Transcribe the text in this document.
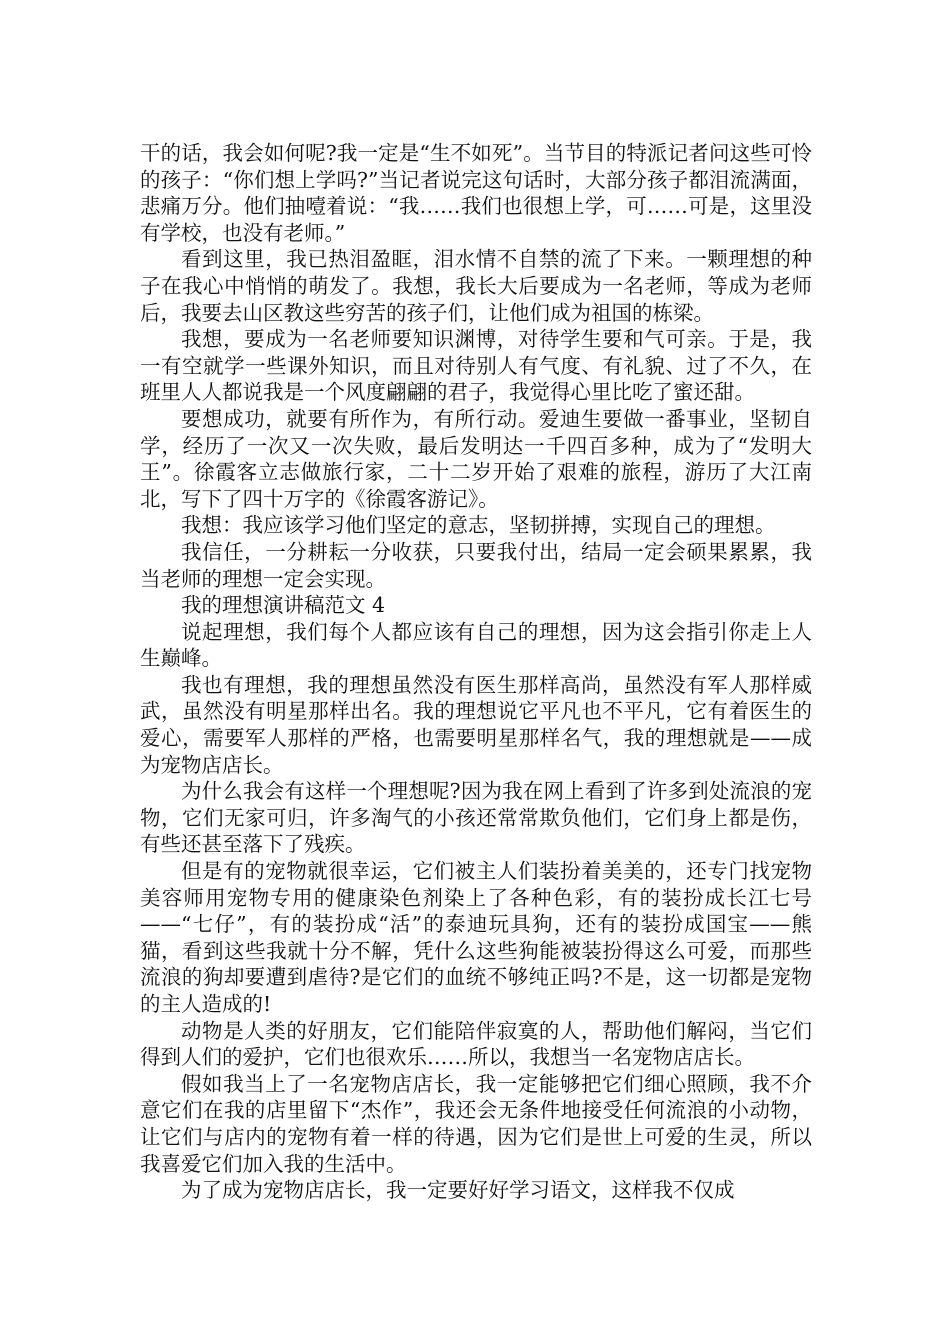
干的话，我会如何呢?我一定是“生不如死”。当节目的特派记者问这些可怜的孩子：“你们想上学吗?”当记者说完这句话时，大部分孩子都泪流满面，悲痛万分。他们抽噎着说：“我……我们也很想上学，可……可是，这里没有学校，也没有老师。”

看到这里，我已热泪盈眶，泪水情不自禁的流了下来。一颗理想的种子在我心中悄悄的萌发了。我想，我长大后要成为一名老师，等成为老师后，我要去山区教这些穷苦的孩子们，让他们成为祖国的栋梁。

我想，要成为一名老师要知识渊博，对待学生要和气可亲。于是，我一有空就学一些课外知识，而且对待别人有气度、有礼貌、过了不久，在班里人人都说我是一个风度翩翩的君子，我觉得心里比吃了蜜还甜。

要想成功，就要有所作为，有所行动。爱迪生要做一番事业，坚韧自学，经历了一次又一次失败，最后发明达一千四百多种，成为了“发明大王”。徐霞客立志做旅行家，二十二岁开始了艰难的旅程，游历了大江南北，写下了四十万字的《徐霞客游记》。

我想：我应该学习他们坚定的意志，坚韧拼搏，实现自己的理想。

我信任，一分耕耘一分收获，只要我付出，结局一定会硕果累累，我当老师的理想一定会实现。

我的理想演讲稿范文 4

说起理想，我们每个人都应该有自己的理想，因为这会指引你走上人生巅峰。

我也有理想，我的理想虽然没有医生那样高尚，虽然没有军人那样威武，虽然没有明星那样出名。我的理想说它平凡也不平凡，它有着医生的爱心，需要军人那样的严格，也需要明星那样名气，我的理想就是——成为宠物店店长。

为什么我会有这样一个理想呢?因为我在网上看到了许多到处流浪的宠物，它们无家可归，许多淘气的小孩还常常欺负他们，它们身上都是伤，有些还甚至落下了残疾。

但是有的宠物就很幸运，它们被主人们装扮着美美的，还专门找宠物美容师用宠物专用的健康染色剂染上了各种色彩，有的装扮成长江七号——“七仔”，有的装扮成“活”的泰迪玩具狗，还有的装扮成国宝——熊猫，看到这些我就十分不解，凭什么这些狗能被装扮得这么可爱，而那些流浪的狗却要遭到虐待?是它们的血统不够纯正吗?不是，这一切都是宠物的主人造成的!

动物是人类的好朋友，它们能陪伴寂寞的人，帮助他们解闷，当它们得到人们的爱护，它们也很欢乐……所以，我想当一名宠物店店长。

假如我当上了一名宠物店店长，我一定能够把它们细心照顾，我不介意它们在我的店里留下“杰作”，我还会无条件地接受任何流浪的小动物，让它们与店内的宠物有着一样的待遇，因为它们是世上可爱的生灵，所以我喜爱它们加入我的生活中。

为了成为宠物店店长，我一定要好好学习语文，这样我不仅成
